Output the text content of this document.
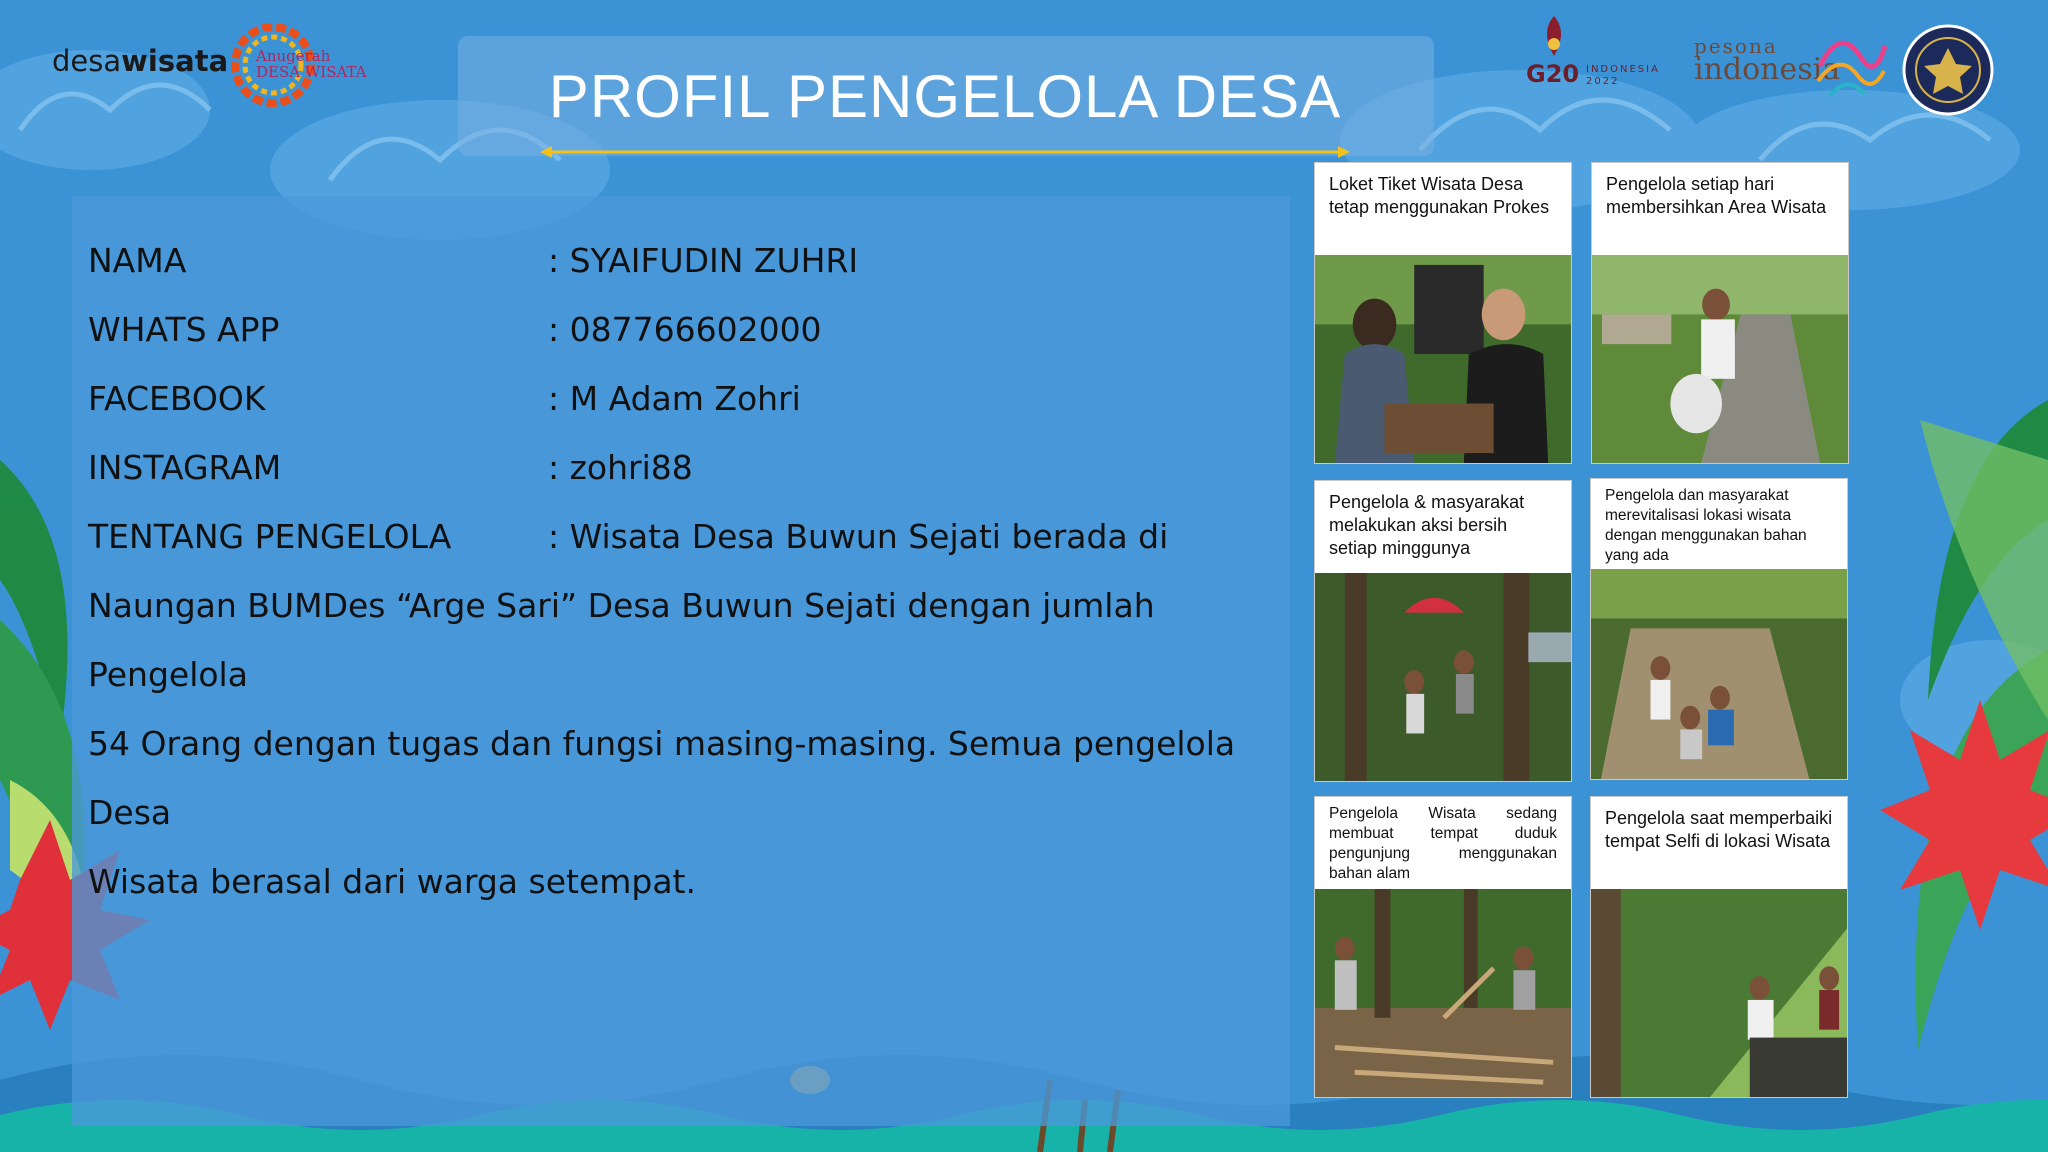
desawisata Anugerah
DESA WISATA	G20 INDONESIA
2022
pesona
indonesia
PROFIL PENGELOLA DESA
NAMA	: SYAIFUDIN ZUHRI
WHATS APP	: 087766602000
FACEBOOK	: M Adam Zohri
INSTAGRAM	: zohri88
TENTANG PENGELOLA	: Wisata Desa Buwun Sejati berada di
Naungan BUMDes “Arge Sari” Desa Buwun Sejati dengan jumlah Pengelola
54 Orang dengan tugas dan fungsi masing-masing. Semua pengelola Desa
Wisata berasal dari warga setempat.
Loket Tiket Wisata Desa tetap menggunakan Prokes
Pengelola setiap hari membersihkan Area Wisata
Pengelola & masyarakat melakukan aksi bersih setiap minggunya
Pengelola dan masyarakat merevitalisasi lokasi wisata dengan menggunakan bahan yang ada
Pengelola Wisata sedang membuat tempat duduk pengunjung menggunakan bahan alam
Pengelola saat memperbaiki tempat Selfi di lokasi Wisata
